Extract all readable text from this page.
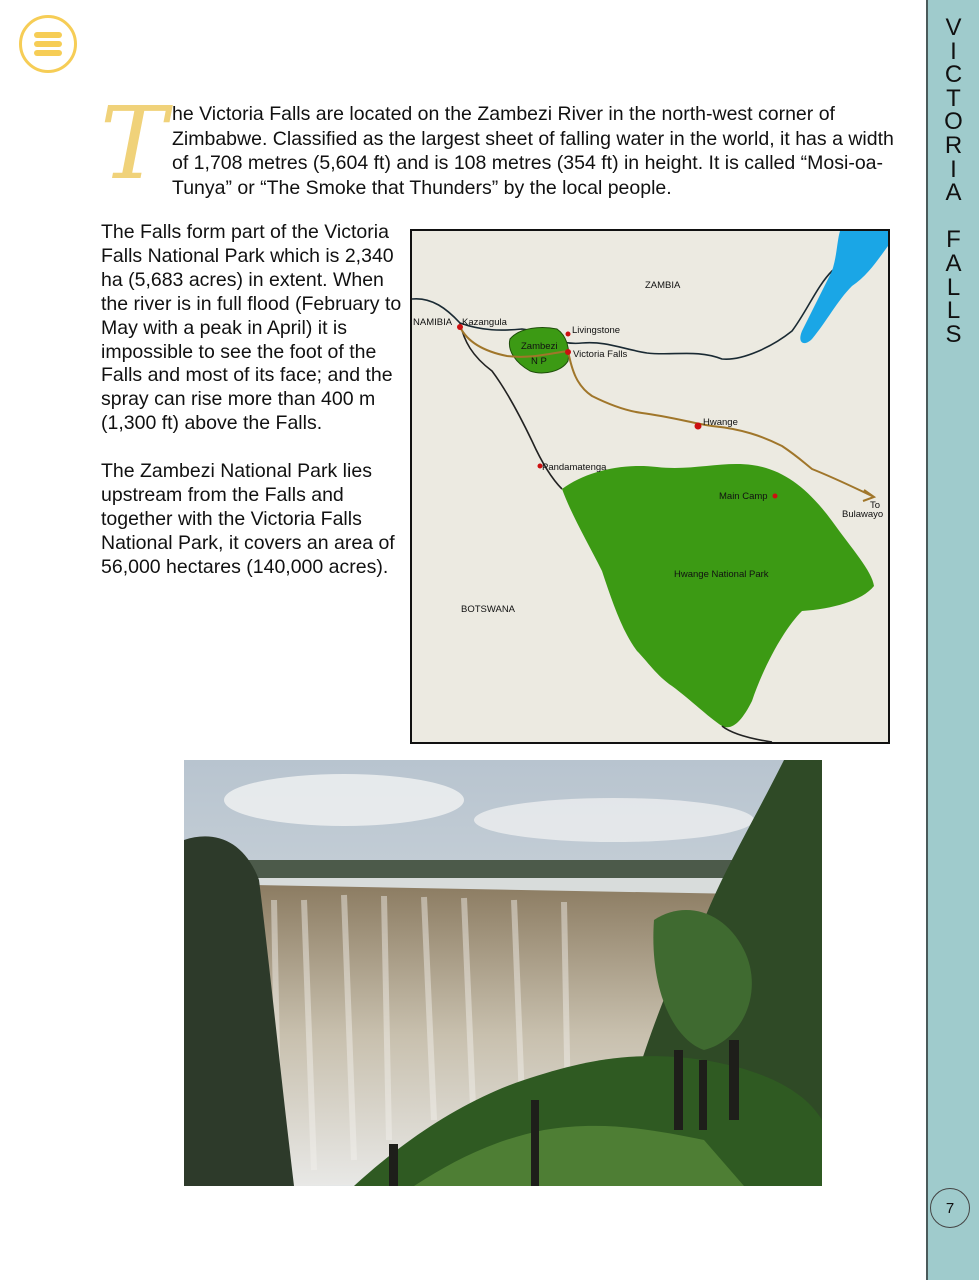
V
I
C
T
O
R
I
A

F
A
L
L
S
7
T he Victoria Falls are located on the Zambezi River in the north-west corner of Zimbabwe. Classified as the largest sheet of falling water in the world, it has a width of 1,708 metres (5,604 ft) and is 108 metres (354 ft) in height. It is called “Mosi-oa-Tunya” or “The Smoke that Thunders” by the local people.

The Falls form part of the Victoria Falls National Park which is 2,340 ha (5,683 acres) in extent. When the river is in full flood (February to May with a peak in April) it is impossible to see the foot of the Falls and most of its face; and the spray can rise more than 400 m (1,300 ft) above the Falls.

The Zambezi National Park lies upstream from the Falls and together with the Victoria Falls National Park, it covers an area of 56,000 hectares (140,000 acres).

ZAMBIA
NAMIBIA Kazangula
Livingstone
Zambezi
N P
Victoria Falls
Hwange
Pandamatenga
Main Camp
To
Bulawayo
Hwange National Park
BOTSWANA
